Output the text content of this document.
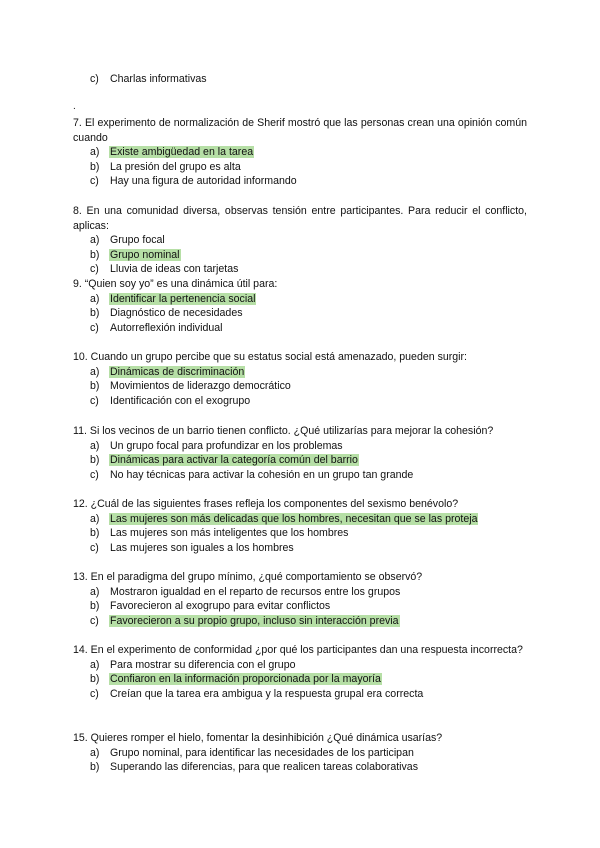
c) Charlas informativas

.

7. El experimento de normalización de Sherif mostró que las personas crean una opinión común cuando

a) Existe ambigüedad en la tarea

b) La presión del grupo es alta

c) Hay una figura de autoridad informando

8. En una comunidad diversa, observas tensión entre participantes. Para reducir el conflicto, aplicas:

a) Grupo focal

b) Grupo nominal

c) Lluvia de ideas con tarjetas

9. “Quien soy yo” es una dinámica útil para:

a) Identificar la pertenencia social

b) Diagnóstico de necesidades

c) Autorreflexión individual

10. Cuando un grupo percibe que su estatus social está amenazado, pueden surgir:

a) Dinámicas de discriminación

b) Movimientos de liderazgo democrático

c) Identificación con el exogrupo

11. Si los vecinos de un barrio tienen conflicto. ¿Qué utilizarías para mejorar la cohesión?

a) Un grupo focal para profundizar en los problemas

b) Dinámicas para activar la categoría común del barrio

c) No hay técnicas para activar la cohesión en un grupo tan grande

12. ¿Cuál de las siguientes frases refleja los componentes del sexismo benévolo?

a) Las mujeres son más delicadas que los hombres, necesitan que se las proteja

b) Las mujeres son más inteligentes que los hombres

c) Las mujeres son iguales a los hombres

13. En el paradigma del grupo mínimo, ¿qué comportamiento se observó?

a) Mostraron igualdad en el reparto de recursos entre los grupos

b) Favorecieron al exogrupo para evitar conflictos

c) Favorecieron a su propio grupo, incluso sin interacción previa

14. En el experimento de conformidad ¿por qué los participantes dan una respuesta incorrecta?

a) Para mostrar su diferencia con el grupo

b) Confiaron en la información proporcionada por la mayoría

c) Creían que la tarea era ambigua y la respuesta grupal era correcta

15. Quieres romper el hielo, fomentar la desinhibición ¿Qué dinámica usarías?

a) Grupo nominal, para identificar las necesidades de los participan

b) Superando las diferencias, para que realicen tareas colaborativas
